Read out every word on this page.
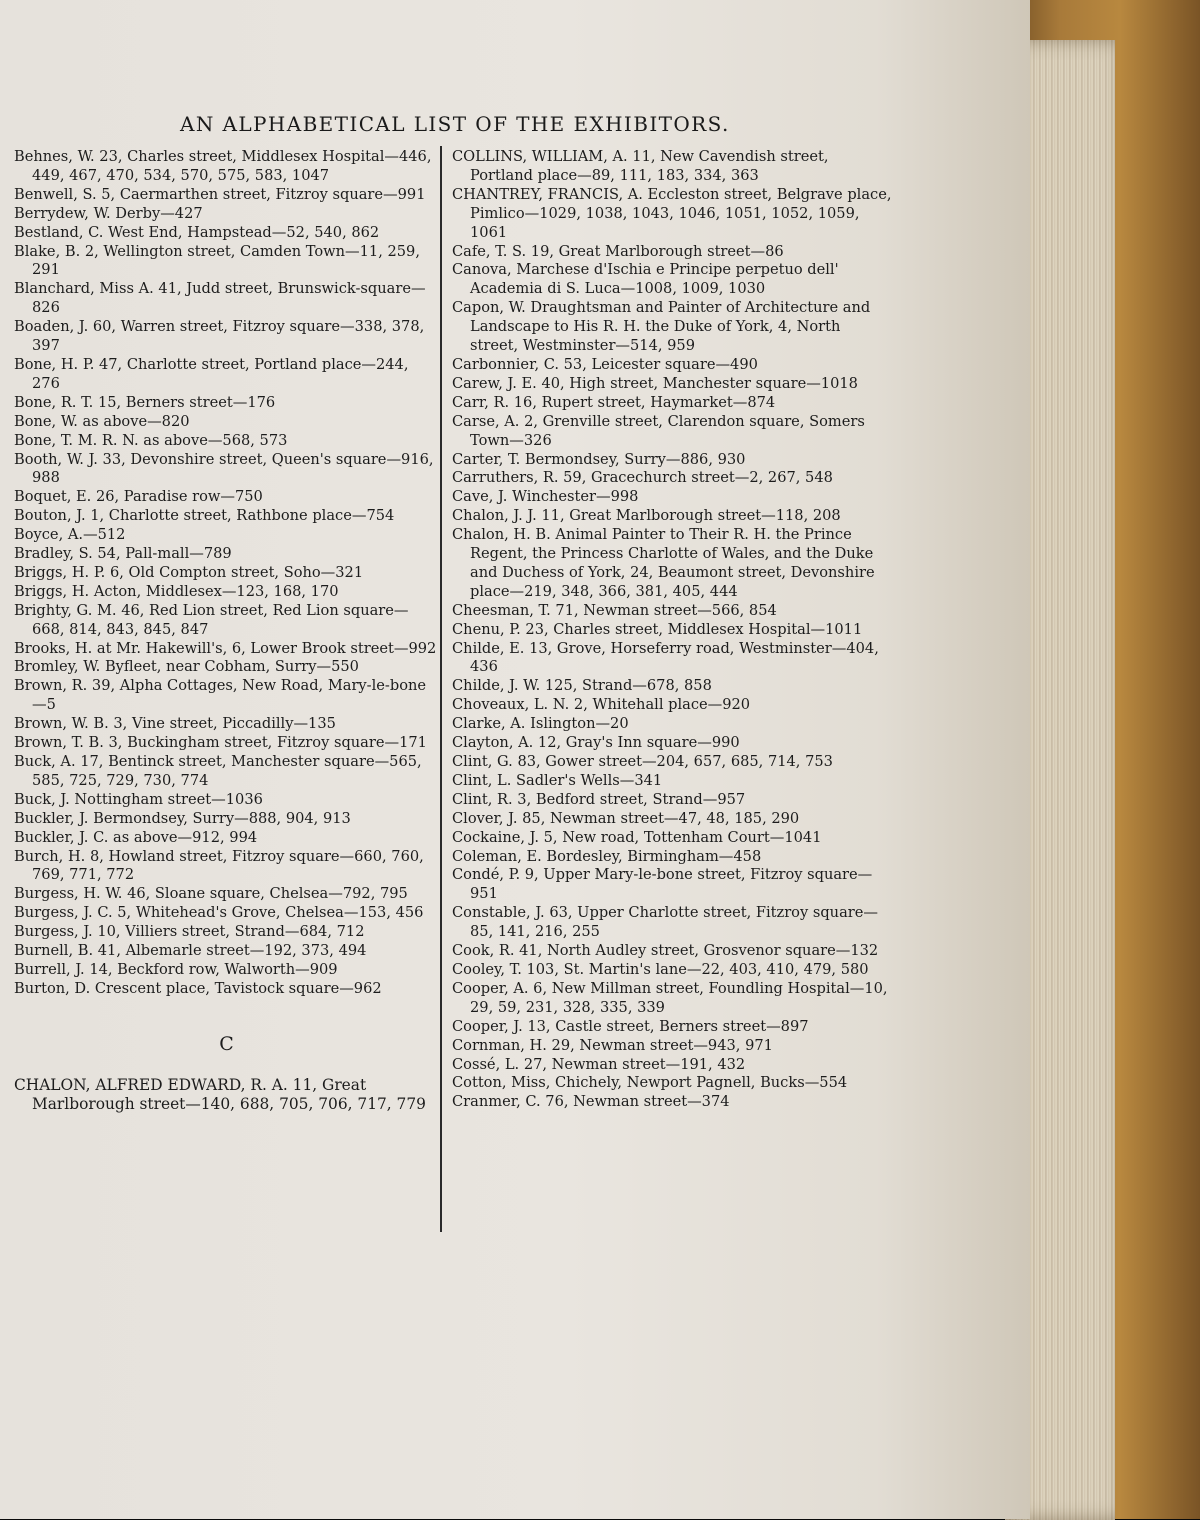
AN ALPHABETICAL LIST OF THE EXHIBITORS.

Behnes, W. 23, Charles street, Middlesex Hospital—446, 449, 467, 470, 534, 570, 575, 583, 1047

Benwell, S. 5, Caermarthen street, Fitzroy square—991

Berrydew, W. Derby—427

Bestland, C. West End, Hampstead—52, 540, 862

Blake, B. 2, Wellington street, Camden Town—11, 259, 291

Blanchard, Miss A. 41, Judd street, Brunswick-square—826

Boaden, J. 60, Warren street, Fitzroy square—338, 378, 397

Bone, H. P. 47, Charlotte street, Portland place—244, 276

Bone, R. T. 15, Berners street—176

Bone, W. as above—820

Bone, T. M. R. N. as above—568, 573

Booth, W. J. 33, Devonshire street, Queen's square—916, 988

Boquet, E. 26, Paradise row—750

Bouton, J. 1, Charlotte street, Rathbone place—754

Boyce, A.—512

Bradley, S. 54, Pall-mall—789

Briggs, H. P. 6, Old Compton street, Soho—321

Briggs, H. Acton, Middlesex—123, 168, 170

Brighty, G. M. 46, Red Lion street, Red Lion square—668, 814, 843, 845, 847

Brooks, H. at Mr. Hakewill's, 6, Lower Brook street—992

Bromley, W. Byfleet, near Cobham, Surry—550

Brown, R. 39, Alpha Cottages, New Road, Mary-le-bone—5

Brown, W. B. 3, Vine street, Piccadilly—135

Brown, T. B. 3, Buckingham street, Fitzroy square—171

Buck, A. 17, Bentinck street, Manchester square—565, 585, 725, 729, 730, 774

Buck, J. Nottingham street—1036

Buckler, J. Bermondsey, Surry—888, 904, 913

Buckler, J. C. as above—912, 994

Burch, H. 8, Howland street, Fitzroy square—660, 760, 769, 771, 772

Burgess, H. W. 46, Sloane square, Chelsea—792, 795

Burgess, J. C. 5, Whitehead's Grove, Chelsea—153, 456

Burgess, J. 10, Villiers street, Strand—684, 712

Burnell, B. 41, Albemarle street—192, 373, 494

Burrell, J. 14, Beckford row, Walworth—909

Burton, D. Crescent place, Tavistock square—962

C

CHALON, ALFRED EDWARD, R. A. 11, Great Marlborough street—140, 688, 705, 706, 717, 779

COLLINS, WILLIAM, A. 11, New Cavendish street, Portland place—89, 111, 183, 334, 363

CHANTREY, FRANCIS, A. Eccleston street, Belgrave place, Pimlico—1029, 1038, 1043, 1046, 1051, 1052, 1059, 1061

Cafe, T. S. 19, Great Marlborough street—86

Canova, Marchese d'Ischia e Principe perpetuo dell' Academia di S. Luca—1008, 1009, 1030

Capon, W. Draughtsman and Painter of Architecture and Landscape to His R. H. the Duke of York, 4, North street, Westminster—514, 959

Carbonnier, C. 53, Leicester square—490

Carew, J. E. 40, High street, Manchester square—1018

Carr, R. 16, Rupert street, Haymarket—874

Carse, A. 2, Grenville street, Clarendon square, Somers Town—326

Carter, T. Bermondsey, Surry—886, 930

Carruthers, R. 59, Gracechurch street—2, 267, 548

Cave, J. Winchester—998

Chalon, J. J. 11, Great Marlborough street—118, 208

Chalon, H. B. Animal Painter to Their R. H. the Prince Regent, the Princess Charlotte of Wales, and the Duke and Duchess of York, 24, Beaumont street, Devonshire place—219, 348, 366, 381, 405, 444

Cheesman, T. 71, Newman street—566, 854

Chenu, P. 23, Charles street, Middlesex Hospital—1011

Childe, E. 13, Grove, Horseferry road, Westminster—404, 436

Childe, J. W. 125, Strand—678, 858

Choveaux, L. N. 2, Whitehall place—920

Clarke, A. Islington—20

Clayton, A. 12, Gray's Inn square—990

Clint, G. 83, Gower street—204, 657, 685, 714, 753

Clint, L. Sadler's Wells—341

Clint, R. 3, Bedford street, Strand—957

Clover, J. 85, Newman street—47, 48, 185, 290

Cockaine, J. 5, New road, Tottenham Court—1041

Coleman, E. Bordesley, Birmingham—458

Condé, P. 9, Upper Mary-le-bone street, Fitzroy square—951

Constable, J. 63, Upper Charlotte street, Fitzroy square—85, 141, 216, 255

Cook, R. 41, North Audley street, Grosvenor square—132

Cooley, T. 103, St. Martin's lane—22, 403, 410, 479, 580

Cooper, A. 6, New Millman street, Foundling Hospital—10, 29, 59, 231, 328, 335, 339

Cooper, J. 13, Castle street, Berners street—897

Cornman, H. 29, Newman street—943, 971

Cossé, L. 27, Newman street—191, 432

Cotton, Miss, Chichely, Newport Pagnell, Bucks—554

Cranmer, C. 76, Newman street—374
